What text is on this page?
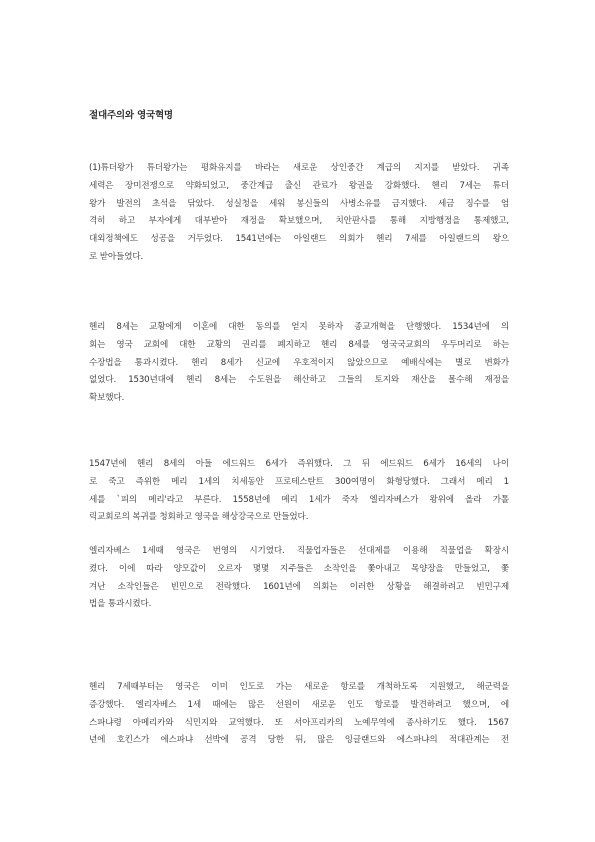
절대주의와 영국혁명
(1)튜더왕가 튜더왕가는 평화유지를 바라는 새로운 상인중간 계급의 지지를 받았다. 귀족
세력은 장미전쟁으로 약화되었고, 중간계급 출신 관료가 왕권을 강화했다. 헨리 7세는 튜더
왕가 발전의 초석을 닦았다. 성실청을 세워 봉신들의 사병소유를 금지했다. 세금 징수를 엄
격히 하고 부자에게 대부받아 재정을 확보했으며, 치안판사를 통해 지방행정을 통제했고,
대외정책에도 성공을 거두었다. 1541년에는 아일랜드 의회가 헨리 7세를 아일랜드의 왕으
로 받아들였다.
헨리 8세는 교황에게 이혼에 대한 동의를 얻지 못하자 종교개혁을 단행했다. 1534년에 의
회는 영국 교회에 대한 교황의 권리를 폐지하고 헨리 8세를 영국국교회의 우두머리로 하는
수장법을 통과시켰다. 헨리 8세가 신교에 우호적이지 않았으므로 예배식에는 별로 변화가
없었다. 1530년대에 헨리 8세는 수도원을 해산하고 그들의 토지와 재산을 몰수해 재정을
확보했다.
1547년에 헨리 8세의 아들 에드워드 6세가 즉위했다. 그 뒤 에드워드 6세가 16세의 나이
로 죽고 즉위한 메리 1세의 치세동안 프로테스탄트 300여명이 화형당했다. 그래서 메리 1
세를 `피의 메리'라고 부른다. 1558년에 메리 1세가 죽자 엘리자베스가 왕위에 올라 가톨
릭교회로의 복귀를 청회하고 영국을 해상강국으로 만들었다.
엘리자베스 1세때 영국은 번영의 시기였다. 직물업자들은 선대제를 이용해 직물업을 확장시
켰다. 이에 따라 양모값이 오르자 몇몇 지주들은 소작인을 쫓아내고 목양장을 만들었고, 쫓
겨난 소작인들은 빈민으로 전락했다. 1601년에 의회는 이러한 상황을 해결하려고 빈민구제
법을 통과시켰다.
헨리 7세때부터는 영국은 이미 인도로 가는 새로운 항로를 개척하도록 지원했고, 해군력을
증강했다. 엘리자베스 1세 때에는 많은 선원이 새로운 인도 항로를 발견하려고 했으며, 에
스파냐령 아메리카와 식민지와 교역했다. 또 서아프리카의 노예무역에 종사하기도 했다. 1567
년에 호킨스가 에스파냐 선박에 공격 당한 뒤, 많은 잉글랜드와 에스파냐의 적대관계는 전
